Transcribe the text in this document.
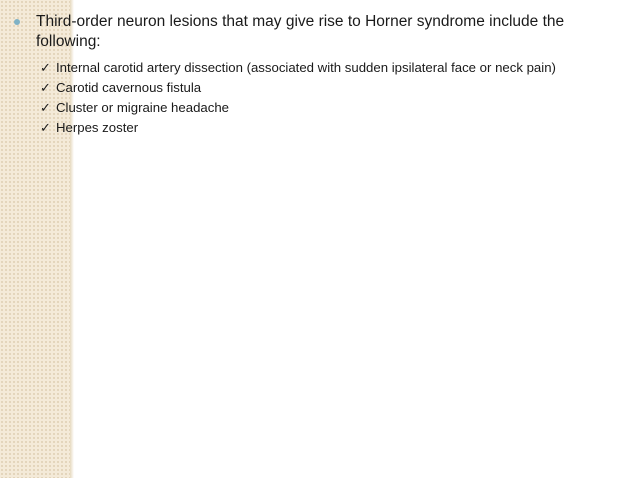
Third-order neuron lesions that may give rise to Horner syndrome include the following:
✓ Internal carotid artery dissection (associated with sudden ipsilateral face or neck pain)
✓ Carotid cavernous fistula
✓ Cluster or migraine headache
✓ Herpes zoster
